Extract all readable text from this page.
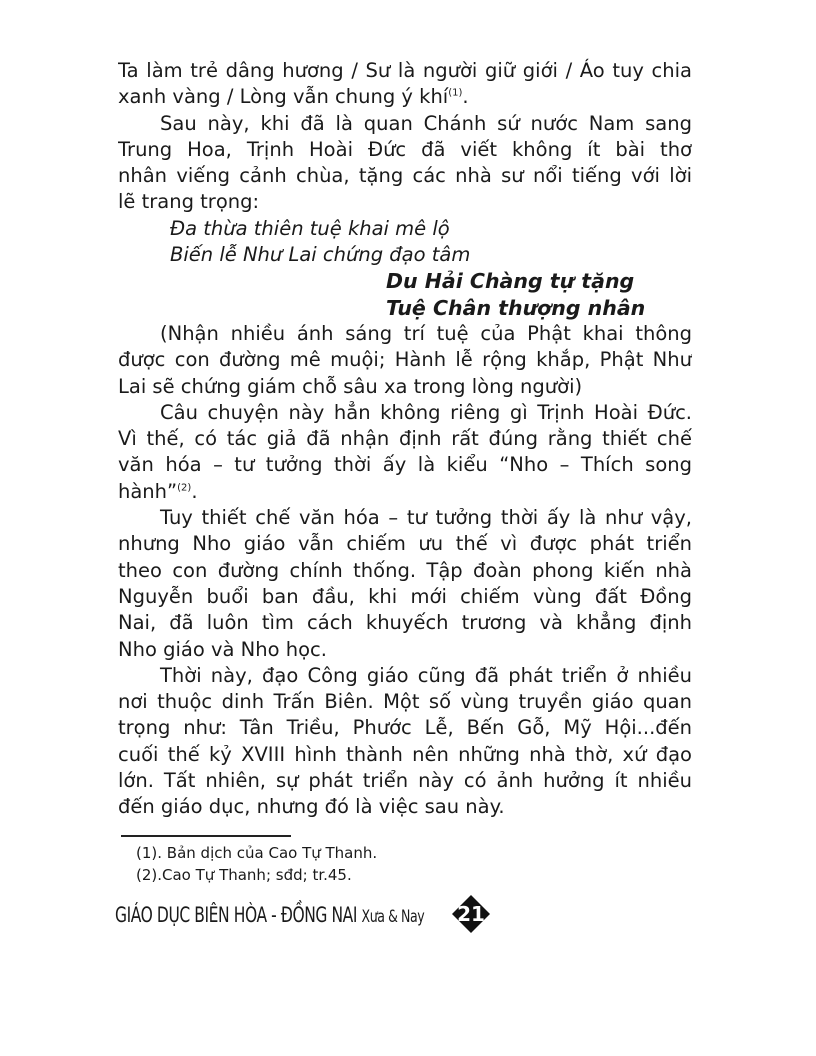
Ta làm trẻ dâng hương / Sư là người giữ giới / Áo tuy chia
xanh vàng / Lòng vẫn chung ý khí$^{(1)}$.
Sau này, khi đã là quan Chánh sứ nước Nam sang
Trung Hoa, Trịnh Hoài Đức đã viết không ít bài thơ
nhân viếng cảnh chùa, tặng các nhà sư nổi tiếng với lời
lẽ trang trọng:
Đa thừa thiên tuệ khai mê lộ
Biến lễ Như Lai chứng đạo tâm
Du Hải Chàng tự tặng
Tuệ Chân thượng nhân
(Nhận nhiều ánh sáng trí tuệ của Phật khai thông
được con đường mê muội; Hành lễ rộng khắp, Phật Như
Lai sẽ chứng giám chỗ sâu xa trong lòng người)
Câu chuyện này hẳn không riêng gì Trịnh Hoài Đức.
Vì thế, có tác giả đã nhận định rất đúng rằng thiết chế
văn hóa – tư tưởng thời ấy là kiểu “Nho – Thích song
hành”$^{(2)}$.
Tuy thiết chế văn hóa – tư tưởng thời ấy là như vậy,
nhưng Nho giáo vẫn chiếm ưu thế vì được phát triển
theo con đường chính thống. Tập đoàn phong kiến nhà
Nguyễn buổi ban đầu, khi mới chiếm vùng đất Đồng
Nai, đã luôn tìm cách khuyếch trương và khẳng định
Nho giáo và Nho học.
Thời này, đạo Công giáo cũng đã phát triển ở nhiều
nơi thuộc dinh Trấn Biên. Một số vùng truyền giáo quan
trọng như: Tân Triều, Phước Lễ, Bến Gỗ, Mỹ Hội...đến
cuối thế kỷ XVIII hình thành nên những nhà thờ, xứ đạo
lớn. Tất nhiên, sự phát triển này có ảnh hưởng ít nhiều
đến giáo dục, nhưng đó là việc sau này.
(1). Bản dịch của Cao Tự Thanh.
(2).Cao Tự Thanh; sđd; tr.45.
GIÁO DỤC BIÊN HÒA - ĐỒNG NAI Xưa & Nay 21
